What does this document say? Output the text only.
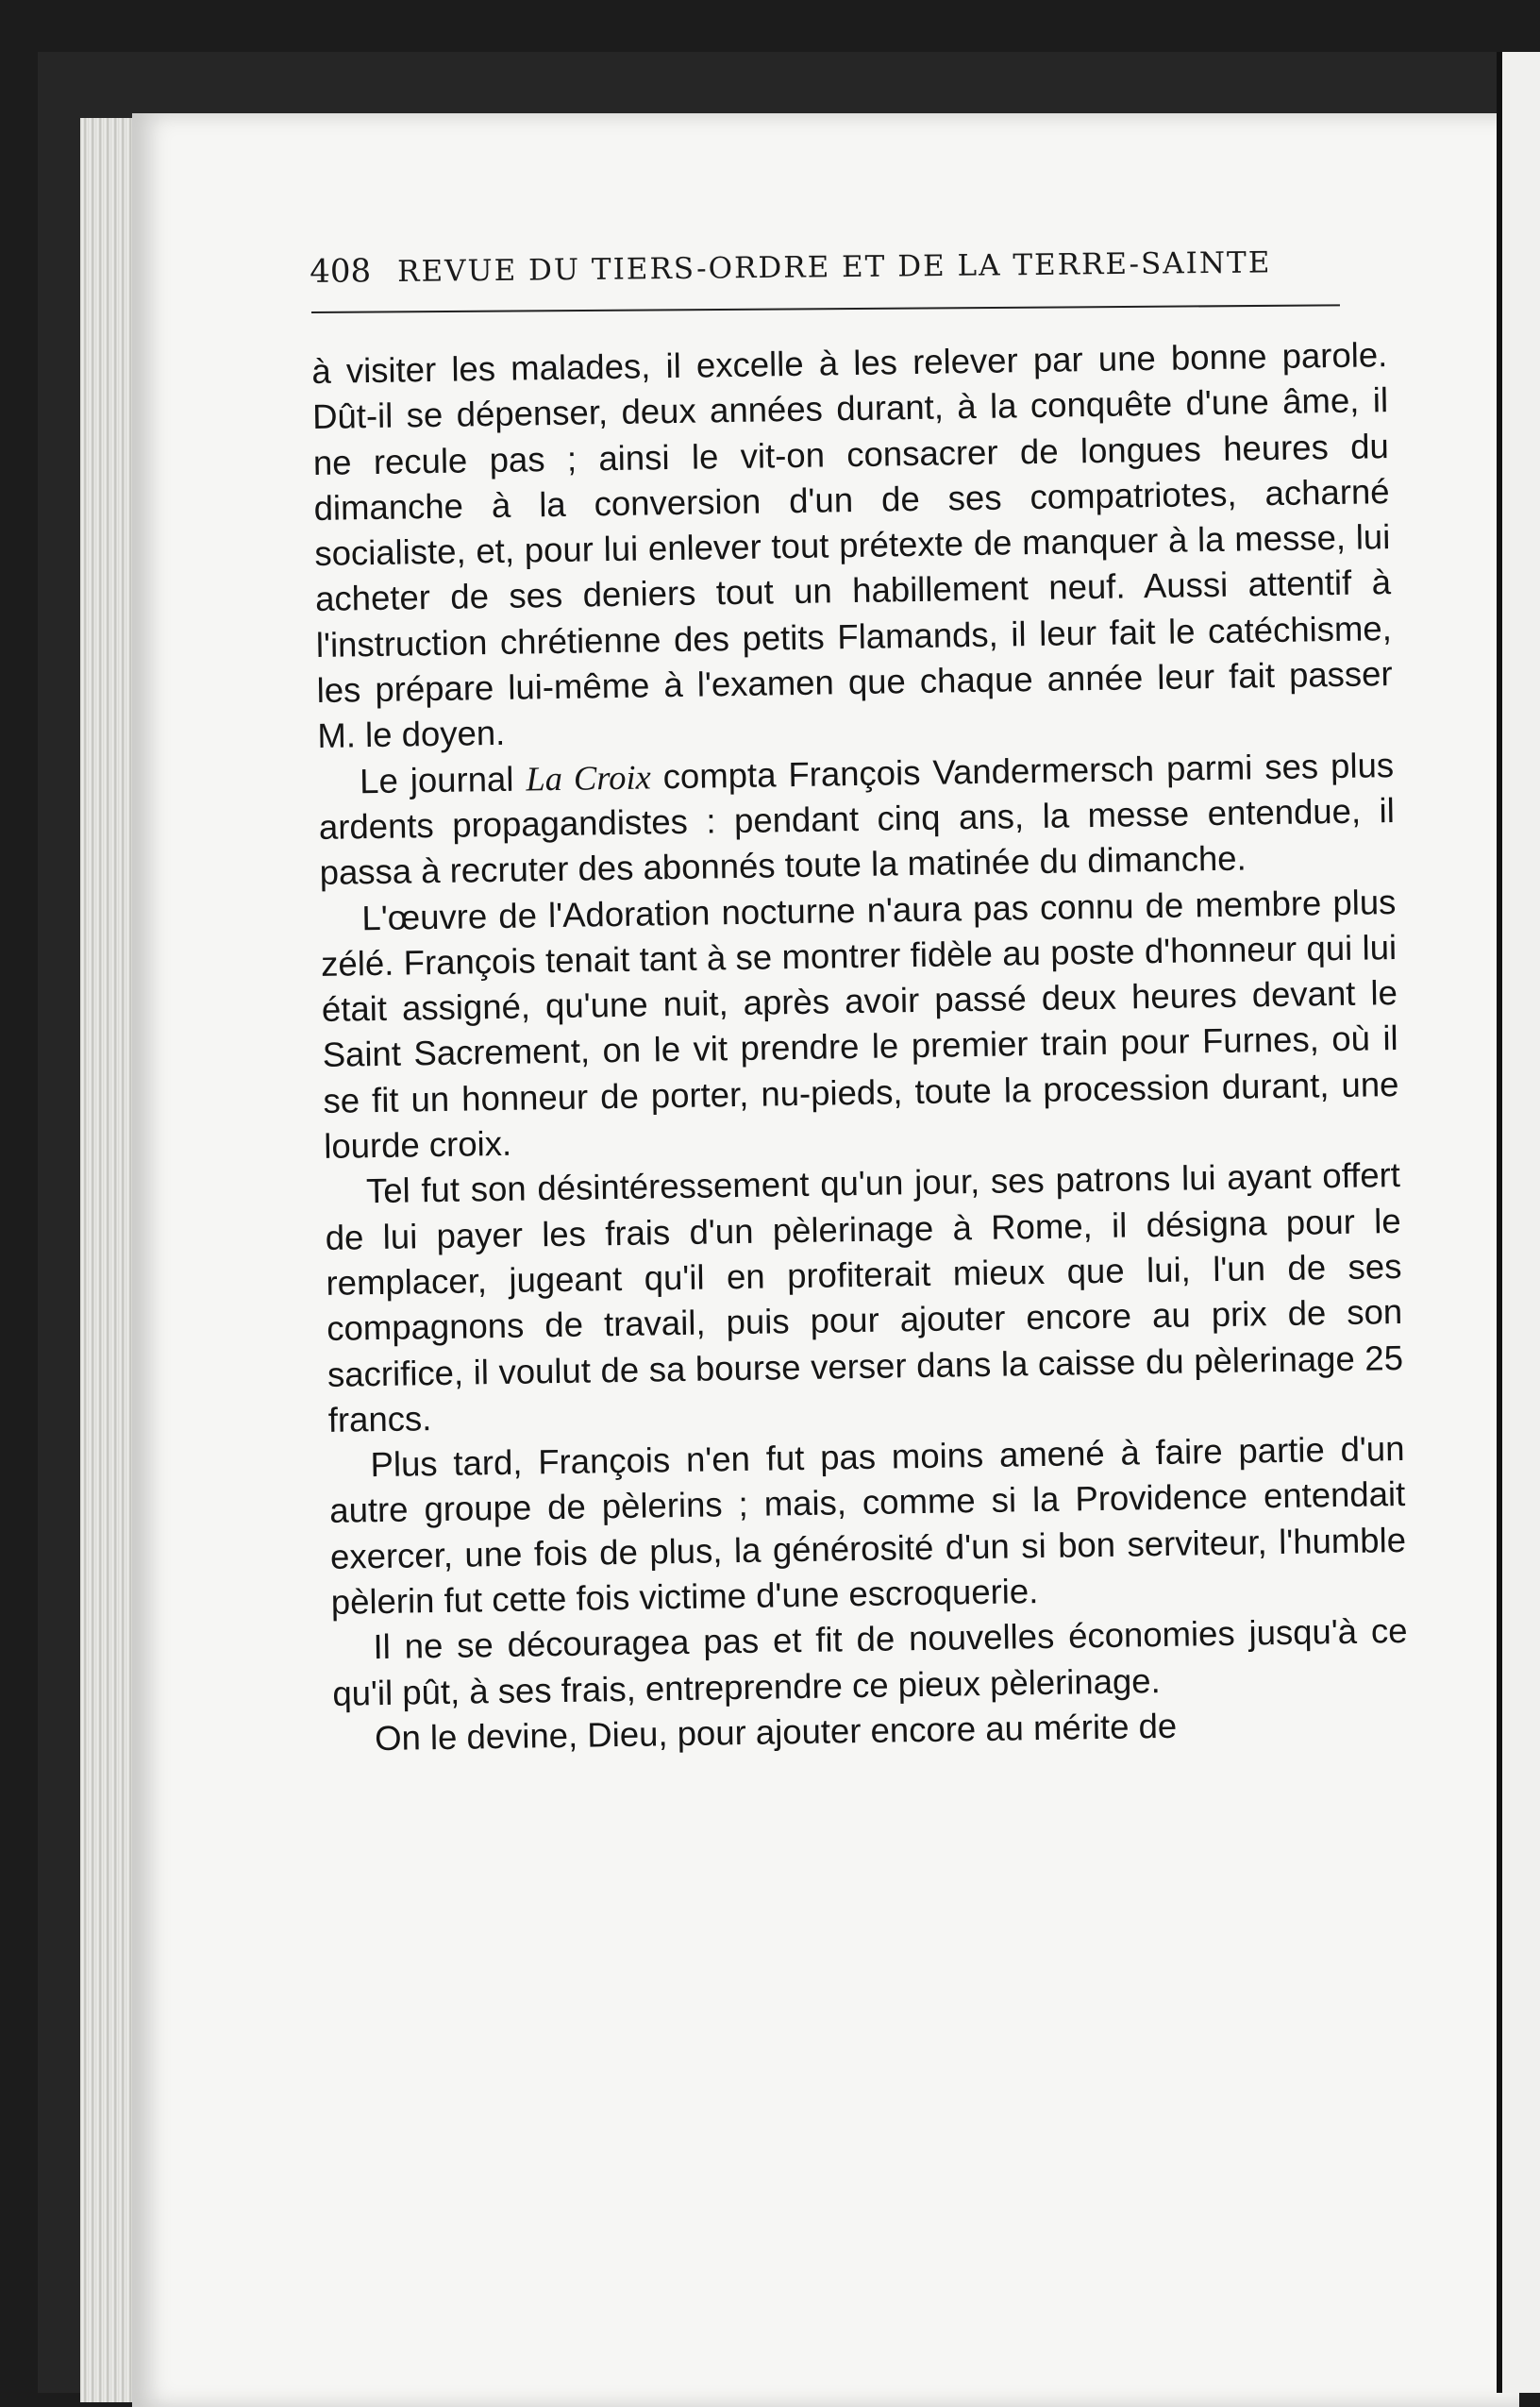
408 REVUE DU TIERS-ORDRE ET DE LA TERRE-SAINTE

à visiter les malades, il excelle à les relever par une bonne parole. Dût-il se dépenser, deux années durant, à la conquête d'une âme, il ne recule pas ; ainsi le vit-on consacrer de longues heures du dimanche à la conversion d'un de ses compatriotes, acharné socialiste, et, pour lui enlever tout prétexte de manquer à la messe, lui acheter de ses deniers tout un habillement neuf. Aussi attentif à l'instruction chrétienne des petits Flamands, il leur fait le catéchisme, les prépare lui-même à l'examen que chaque année leur fait passer M. le doyen.

Le journal La Croix compta François Vandermersch parmi ses plus ardents propagandistes : pendant cinq ans, la messe entendue, il passa à recruter des abonnés toute la matinée du dimanche.

L'œuvre de l'Adoration nocturne n'aura pas connu de membre plus zélé. François tenait tant à se montrer fidèle au poste d'honneur qui lui était assigné, qu'une nuit, après avoir passé deux heures devant le Saint Sacrement, on le vit prendre le premier train pour Furnes, où il se fit un honneur de porter, nu-pieds, toute la procession durant, une lourde croix.

Tel fut son désintéressement qu'un jour, ses patrons lui ayant offert de lui payer les frais d'un pèlerinage à Rome, il désigna pour le remplacer, jugeant qu'il en profiterait mieux que lui, l'un de ses compagnons de travail, puis pour ajouter encore au prix de son sacrifice, il voulut de sa bourse verser dans la caisse du pèlerinage 25 francs.

Plus tard, François n'en fut pas moins amené à faire partie d'un autre groupe de pèlerins ; mais, comme si la Providence entendait exercer, une fois de plus, la générosité d'un si bon serviteur, l'humble pèlerin fut cette fois victime d'une escroquerie.

Il ne se découragea pas et fit de nouvelles économies jusqu'à ce qu'il pût, à ses frais, entreprendre ce pieux pèlerinage.

On le devine, Dieu, pour ajouter encore au mérite de
